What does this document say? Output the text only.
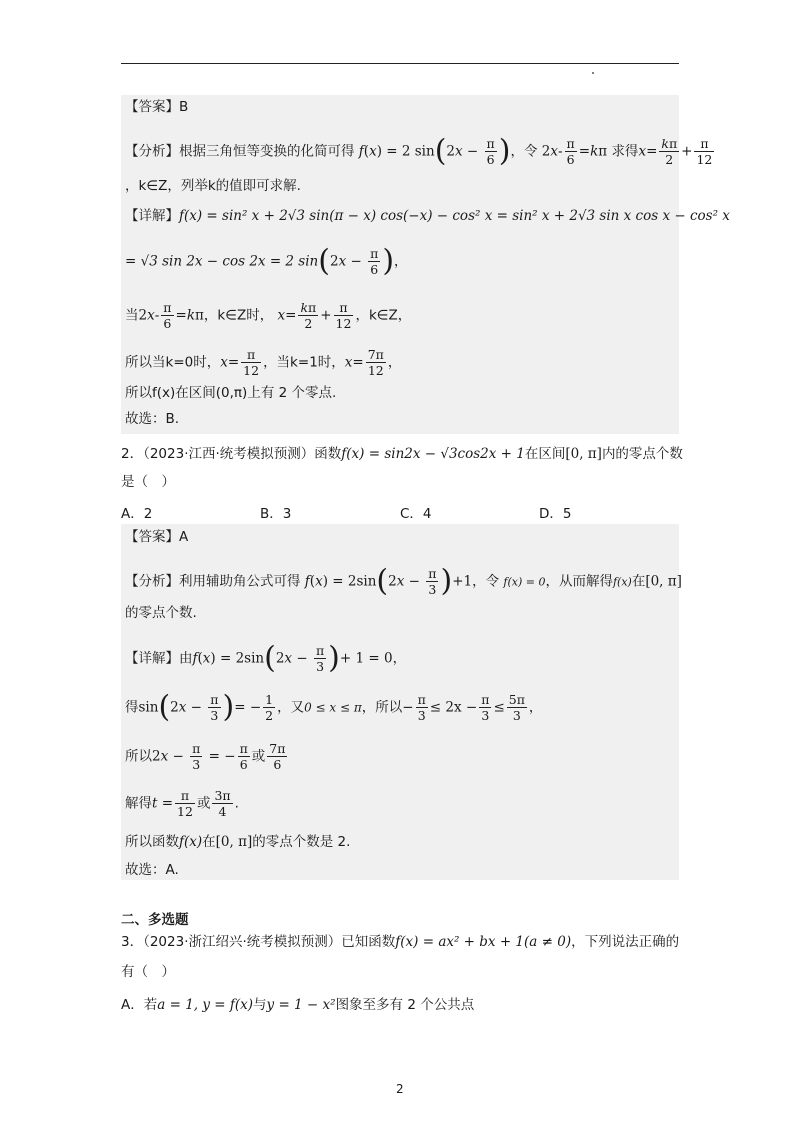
【答案】B
【分析】根据三角恒等变换的化简可得 f(x) = 2 $\sin(2x - \frac{\pi}{6}$ )，令 $2x- \frac{\pi}{6} =k\pi$ 求得$x= \frac{k\pi}{2} + \frac{\pi}{12}$
，k∈Z，列举k的值即可求解.
【详解】f(x) = sin² x + 2√3 sin(π − x) cos(−x) − cos² x = sin² x + 2√3 sin x cos x − cos² x
= √3 sin 2x − cos 2x = 2 $\sin(2x - \frac{\pi}{6}$ )，
当$2x- \frac{\pi}{6} =k\pi$，k∈Z时， $x= \frac{k\pi}{2} + \frac{\pi}{12}$ ，k∈Z，
所以当k=0时，$x= \frac{\pi}{12}$ ，当k=1时，$x= \frac{7\pi}{12}$ ，
所以f(x)在区间(0,π)上有 2 个零点.
故选：B.
2．（2023·江西·统考模拟预测）函数f(x) = sin2x − √3cos2x + 1在区间[0, π]内的零点个数
是（　）
A．2	B．3	C．4	D．5
【答案】A
【分析】利用辅助角公式可得 $f(x) = 2\sin(2x - \frac{\pi}{3} )+1$，令 f(x) = 0，从而解得f(x)在[0, π]
的零点个数.
【详解】由$f(x) = 2\sin(2x - \frac{\pi}{3}$ )+ 1 = 0，
得$\sin(2x - \frac{\pi}{3}$ )= − $\frac{1}{2}$ ，又0 ≤ x ≤ π，所以− $\frac{\pi}{3} \le 2x - \frac{\pi}{3} \le \frac{5\pi}{3}$ ，
所以$2x - \frac{\pi}{3}$ = − $\frac{\pi}{6}$ 或 $\frac{7\pi}{6}$
解得$t = \frac{\pi}{12}$ 或 $\frac{3\pi}{4}$ .
所以函数f(x)在[0, π]的零点个数是 2.
故选：A.
二、多选题
3．（2023·浙江绍兴·统考模拟预测）已知函数f(x) = ax² + bx + 1(a ≠ 0)，下列说法正确的
有（　）
A．若a = 1, y = f(x)与y = 1 − x²图象至多有 2 个公共点
2
